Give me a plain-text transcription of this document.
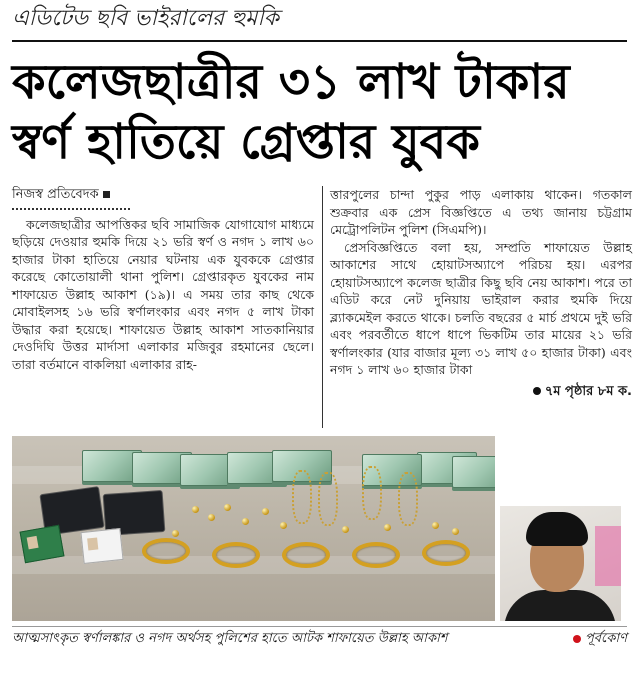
এডিটেড ছবি ভাইরালের হুমকি
কলেজছাত্রীর ৩১ লাখ টাকার
স্বর্ণ হাতিয়ে গ্রেপ্তার যুবক
নিজস্ব প্রতিবেদক

কলেজছাত্রীর আপত্তিকর ছবি সামাজিক যোগাযোগ মাধ্যমে ছড়িয়ে দেওয়ার হুমকি দিয়ে ২১ ভরি স্বর্ণ ও নগদ ১ লাখ ৬০ হাজার টাকা হাতিয়ে নেয়ার ঘটনায় এক যুবককে গ্রেপ্তার করেছে কোতোয়ালী থানা পুলিশ। গ্রেপ্তারকৃত যুবকের নাম শাফায়েত উল্লাহ আকাশ (১৯)। এ সময় তার কাছ থেকে মোবাইলসহ ১৬ ভরি স্বর্ণালংকার এবং নগদ ৫ লাখ টাকা উদ্ধার করা হয়েছে। শাফায়েত উল্লাহ আকাশ সাতকানিয়ার দেওদিঘি উত্তর মার্দাসা এলাকার মজিবুর রহমানের ছেলে। তারা বর্তমানে বাকলিয়া এলাকার রাহ-

ত্তারপুলের চান্দা পুকুর পাড় এলাকায় থাকেন। গতকাল শুক্রবার এক প্রেস বিজ্ঞপ্তিতে এ তথ্য জানায় চট্টগ্রাম মেট্রোপলিটন পুলিশ (সিএমপি)।

প্রেসবিজ্ঞপ্তিতে বলা হয়, সম্প্রতি শাফায়েত উল্লাহ আকাশের সাথে হোয়াটসঅ্যাপে পরিচয় হয়। এরপর হোয়াটসঅ্যাপে কলেজ ছাত্রীর কিছু ছবি নেয় আকাশ। পরে তা এডিট করে নেট দুনিয়ায় ভাইরাল করার হুমকি দিয়ে ব্ল্যাকমেইল করতে থাকে। চলতি বছরের ৫ মার্চ প্রথমে দুই ভরি এবং পরবর্তীতে ধাপে ধাপে ভিকটিম তার মায়ের ২১ ভরি স্বর্ণালংকার (যার বাজার মূল্য ৩১ লাখ ৫০ হাজার টাকা) এবং নগদ ১ লাখ ৬০ হাজার টাকা

৭ম পৃষ্ঠার ৮ম ক.
আত্মসাৎকৃত স্বর্ণালঙ্কার ও নগদ অর্থসহ পুলিশের হাতে আটক শাফায়েত উল্লাহ আকাশ	পূর্বকোণ
